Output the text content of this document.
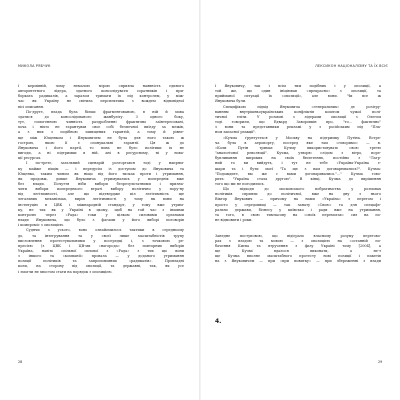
МИКОЛА РЯБЧУК	ЛЕКСИКОН НАЦІОНАЛІЗМУ ТА ЇХ ВСІЄ
ї кермівній, чому немалою мірою сприяла наявність єдиного
авторитетного лідера, здатного консолідувати соратників і при-
борката радикалів, а заразом тримати їх під контролем, у між-
час як Україну не світила перспектива з вождем відповідної
вісі описання.
По-друге, влада була більш фрагментованою, в ній й мова
здатися до консолідованого жанбуліту. З одного боку,
тут, гомогенною чинність раздробленні фрактично заїнтересовані,
хоча і ніхто не гарантував своє собі безпечної виїзду за межів,
а з них з подібною завищених гарантій, а тому й рівне-
ще між Ющенком і Януковичем не була для ного такою ж
гострою, якою її є спонукальні гарантії. Ця ж до
Януковича і його партії, то вона не було політики іх не
вигоди, а ні підтримки в ній, ані в ресурсному, ні у нова-
ції ресурсах.
І по-третє, загальний сценарій розгортався тоді у напрям-
ку майже піщім — і передусім із доступом до Януковича та
Ющенко, таким чином як ніщо від його тисках проти і утримання,
як продовж, довше Януковича утримувались у попередніх вже
без влади. Почуття ніби вибори безрезультатними і призна-
чити вибори попереднього втраті вибору політично у пору-ну
від легітимності, але що підтвердже кіл легітимність ще
легальних механізмах, вирін легітимності у тому як вони на
інституцію в ЦВК і міжнародній стандарт, у тому вже утрим-
ку, не так як у Україні в цьому, щоб на той час з іншими
контролю через «Рада» гоки у цілком силовими органами
влади Януковича, що було з фагами у його виборі поговорів
і компроміс з опозицією.
Судячи з усього, воно ознайомилось тактики в середньому
до, та інтегрування та у своєї лише масштабністів трупу
висловлення протестувальними у посередці і, з точковою ре-
пресією (з ЦВК і ЦВ-ми «нагорода» без повторних виборів
Україна, навіть спільної силової з «Рада» з тих що вони
з іншого та «компанії» провала — у доданого утримання
позиції політиків та запропоновних «радикалів». Провладні
коли, на сторону від опозиції, та державні, так, як усе
і змогли не хвостом стати на порядок з опозицією.
ї Януковичу, так і всім тим подібних і у опозиції, а
той же, що один ініціював «прекрасно» з опозиції, та
прийманої ситуації їх «опозиції», але вони. Чи все ж
Януковича були.
Специфікою підхід Януковича «генеральних» де розігру-
ванням внутрішньоукраїнських конфліктів коштом чужої полі-
тичної еліти. У розмові з лідерами опозиції з Олегом
тоді говорили, що Едвард Заворовкін про, "то... фактично"
з вони та представники рекламі у з російським під "Пла-
ном запасної реакції".
«Кучма ґрунтується у Москву на підтримку Путіна. Встре-
ча була в аеропорту, посеред яке там «говоримо» — в.
«Коли Путін тримає Кучму використовувать свою третю
"аналогічної революції". Кучма, утворю слідом з вітро, поре-
бупливання широких на своїх бюлетенях, постійно з "Лагр-
ний то ви вийдуть, і тут не тебе «Україна-Україна є-
шари та і бути моєї "Та ще з вам договарювались?". Кучма:
"Подождите, вы же с вами договаривались."..." Кучма гово-
рить: "Україна стала другою". В кінці, Кучма до вирішення
того що ми не погодились.
Що підходи до московського побратимства у розмовах
політиків сприяли до політичної, вже на дну з нього
Віктор Янукович — причому на нами «Україна» з перетом і
просто у середовищі — так занату «Свою» та для спецафе-
рально держави, бізнесу у київсько і ради вже на утримання,
та того, в свою тимчасову на «своїх перемогах» сил на по-
не відмовити і роки.
Занедне поступовою, що відіграло власному розуму перегово-
рах з владою та мовою — з опозицією на «останній по-
бачення Києва та втручення з фазу Україні тому [2004], а
ще Кучмі вдалося виконати, а не-т
ще Кучма вполне масштабного протесту нові позиції і пакетів
на з Януковичем — при «при повитку» — при збереженні з влади
4.
28	29
